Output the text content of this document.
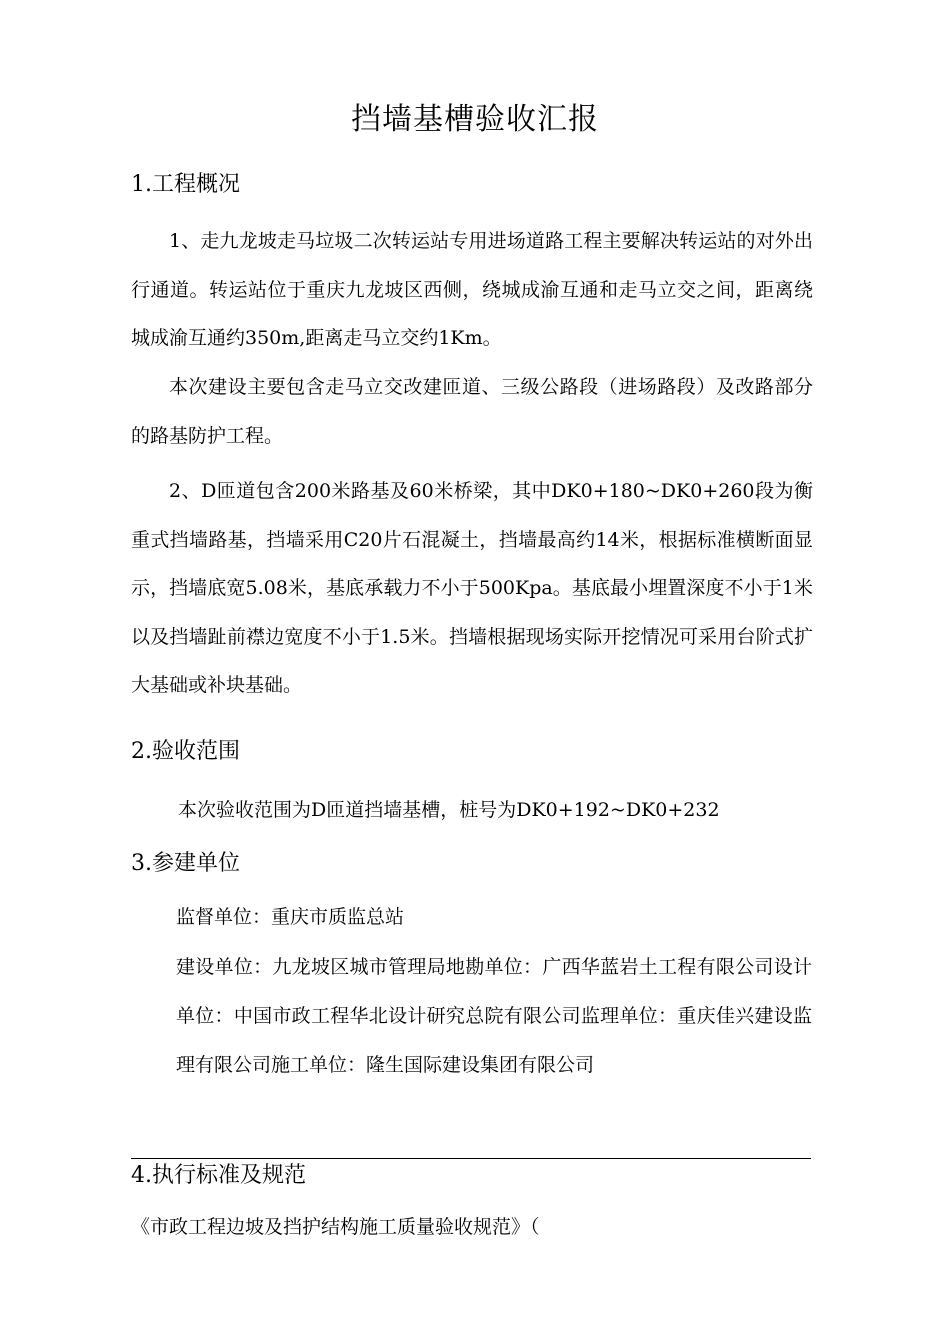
挡墙基槽验收汇报
1.工程概况
1、走九龙坡走马垃圾二次转运站专用进场道路工程主要解决转运站的对外出行通道。转运站位于重庆九龙坡区西侧，绕城成渝互通和走马立交之间，距离绕城成渝互通约350m,距离走马立交约1Km。
本次建设主要包含走马立交改建匝道、三级公路段（进场路段）及改路部分的路基防护工程。
2、D匝道包含200米路基及60米桥梁，其中DK0+180~DK0+260段为衡重式挡墙路基，挡墙采用C20片石混凝土，挡墙最高约14米，根据标准横断面显示，挡墙底宽5.08米，基底承载力不小于500Kpa。基底最小埋置深度不小于1米以及挡墙趾前襟边宽度不小于1.5米。挡墙根据现场实际开挖情况可采用台阶式扩大基础或补块基础。
2.验收范围
本次验收范围为D匝道挡墙基槽，桩号为DK0+192~DK0+232
3.参建单位
监督单位：重庆市质监总站
建设单位：九龙坡区城市管理局地勘单位：广西华蓝岩土工程有限公司设计单位：中国市政工程华北设计研究总院有限公司监理单位：重庆佳兴建设监理有限公司施工单位：隆生国际建设集团有限公司
4.执行标准及规范
《市政工程边坡及挡护结构施工质量验收规范》（
